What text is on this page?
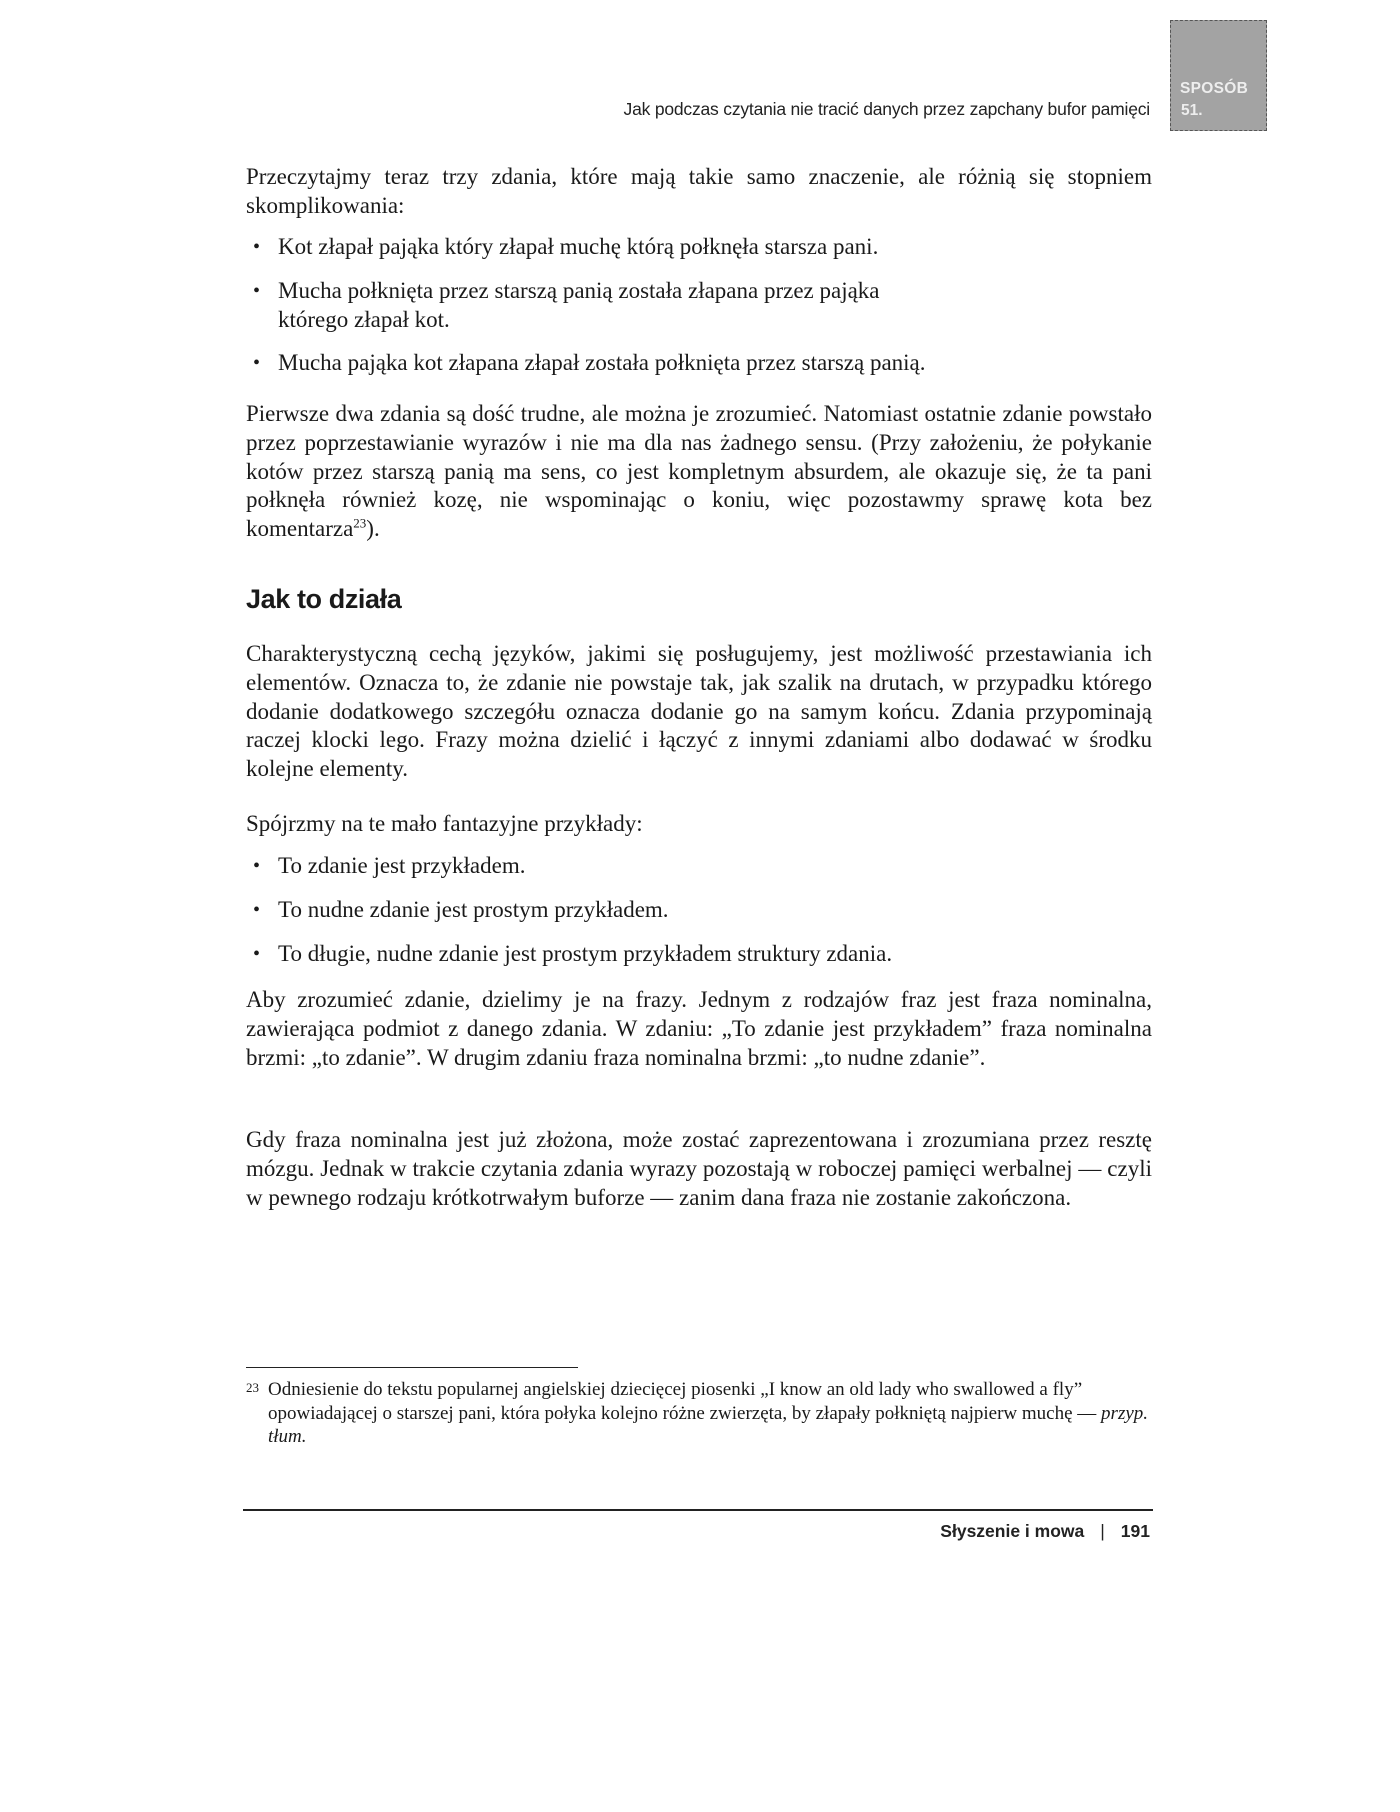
Jak podczas czytania nie tracić danych przez zapchany bufor pamięci
SPOSÓB
51.

Przeczytajmy teraz trzy zdania, które mają takie samo znaczenie, ale różnią się stopniem skomplikowania:

• Kot złapał pająka który złapał muchę którą połknęła starsza pani.
• Mucha połknięta przez starszą panią została złapana przez pająka którego złapał kot.
• Mucha pająka kot złapana złapał została połknięta przez starszą panią.

Pierwsze dwa zdania są dość trudne, ale można je zrozumieć. Natomiast ostatnie zdanie powstało przez poprzestawianie wyrazów i nie ma dla nas żadnego sensu. (Przy założeniu, że połykanie kotów przez starszą panią ma sens, co jest kompletnym absurdem, ale okazuje się, że ta pani połknęła również kozę, nie wspominając o koniu, więc pozostawmy sprawę kota bez komentarza$^{23}$).

Jak to działa

Charakterystyczną cechą języków, jakimi się posługujemy, jest możliwość przestawiania ich elementów. Oznacza to, że zdanie nie powstaje tak, jak szalik na drutach, w przypadku którego dodanie dodatkowego szczegółu oznacza dodanie go na samym końcu. Zdania przypominają raczej klocki lego. Frazy można dzielić i łączyć z innymi zdaniami albo dodawać w środku kolejne elementy.

Spójrzmy na te mało fantazyjne przykłady:

• To zdanie jest przykładem.
• To nudne zdanie jest prostym przykładem.
• To długie, nudne zdanie jest prostym przykładem struktury zdania.

Aby zrozumieć zdanie, dzielimy je na frazy. Jednym z rodzajów fraz jest fraza nominalna, zawierająca podmiot z danego zdania. W zdaniu: „To zdanie jest przykładem” fraza nominalna brzmi: „to zdanie”. W drugim zdaniu fraza nominalna brzmi: „to nudne zdanie”.

Gdy fraza nominalna jest już złożona, może zostać zaprezentowana i zrozumiana przez resztę mózgu. Jednak w trakcie czytania zdania wyrazy pozostają w roboczej pamięci werbalnej — czyli w pewnego rodzaju krótkotrwałym buforze — zanim dana fraza nie zostanie zakończona.

23 Odniesienie do tekstu popularnej angielskiej dziecięcej piosenki „I know an old lady who swallowed a fly” opowiadającej o starszej pani, która połyka kolejno różne zwierzęta, by złapały połkniętą najpierw muchę — przyp. tłum.
Słyszenie i mowa | 191
